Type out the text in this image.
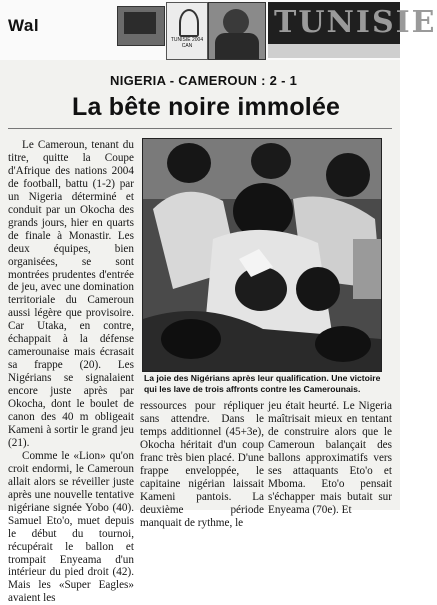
Wal
TUNISIE 2004 CAN
TUNISIE
NIGERIA - CAMEROUN : 2 - 1
La bête noire immolée

Le Cameroun, tenant du titre, quitte la Coupe d'Afrique des nations 2004 de football, battu (1-2) par un Nigeria déterminé et conduit par un Okocha des grands jours, hier en quarts de finale à Monastir. Les deux équipes, bien organisées, se sont montrées prudentes d'entrée de jeu, avec une domination territoriale du Cameroun aussi légère que provisoire. Car Utaka, en contre, échappait à la défense camerounaise mais écrasait sa frappe (20). Les Nigérians se signalaient encore juste après par Okocha, dont le boulet de canon des 40 m obligeait Kameni à sortir le grand jeu (21).

Comme le «Lion» qu'on croit endormi, le Cameroun allait alors se réveiller juste après une nouvelle tentative nigériane signée Yobo (40). Samuel Eto'o, muet depuis le début du tournoi, récupérait le ballon et trompait Enyeama d'un intérieur du pied droit (42). Mais les «Super Eagles» avaient les

La joie des Nigérians après leur qualification. Une victoire qui les lave de trois affronts contre les Camerounais.

ressources pour répliquer sans attendre. Dans le temps additionnel (45+3e), Okocha héritait d'un coup franc très bien placé. D'une frappe enveloppée, le capitaine nigérian laissait Kameni pantois. La deuxième période manquait de rythme, le

jeu était heurté. Le Nigeria maîtrisait mieux en tentant de construire alors que le Cameroun balançait des ballons approximatifs vers ses attaquants Eto'o et Mboma. Eto'o pensait s'échapper mais butait sur Enyeama (70e). Et
